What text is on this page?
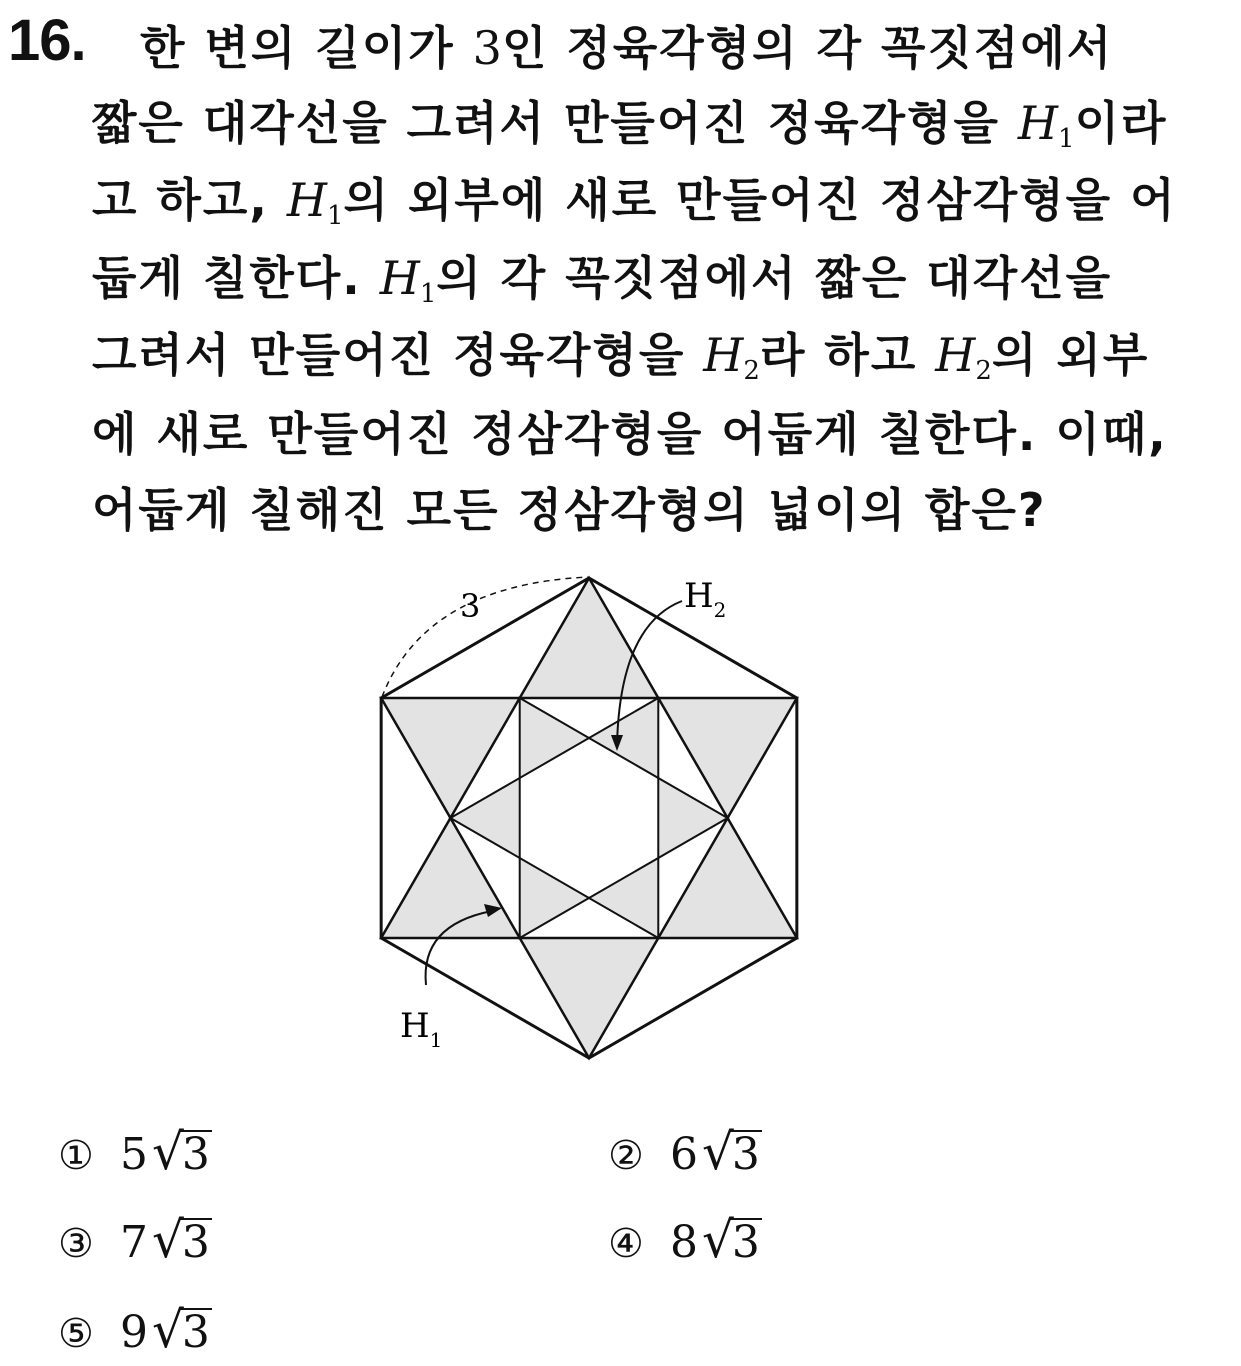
16. 한 변의 길이가 3인 정육각형의 각 꼭짓점에서
짧은 대각선을 그려서 만들어진 정육각형을 $H_1$이라
고 하고, $H_1$의 외부에 새로 만들어진 정삼각형을 어
둡게 칠한다. $H_1$의 각 꼭짓점에서 짧은 대각선을
그려서 만들어진 정육각형을 $H_2$라 하고 $H_2$의 외부
에 새로 만들어진 정삼각형을 어둡게 칠한다. 이때,
어둡게 칠해진 모든 정삼각형의 넓이의 합은?
3	$H_2$
$H_1$
① 5√3	② 6√3
③ 7√3	④ 8√3
⑤ 9√3
